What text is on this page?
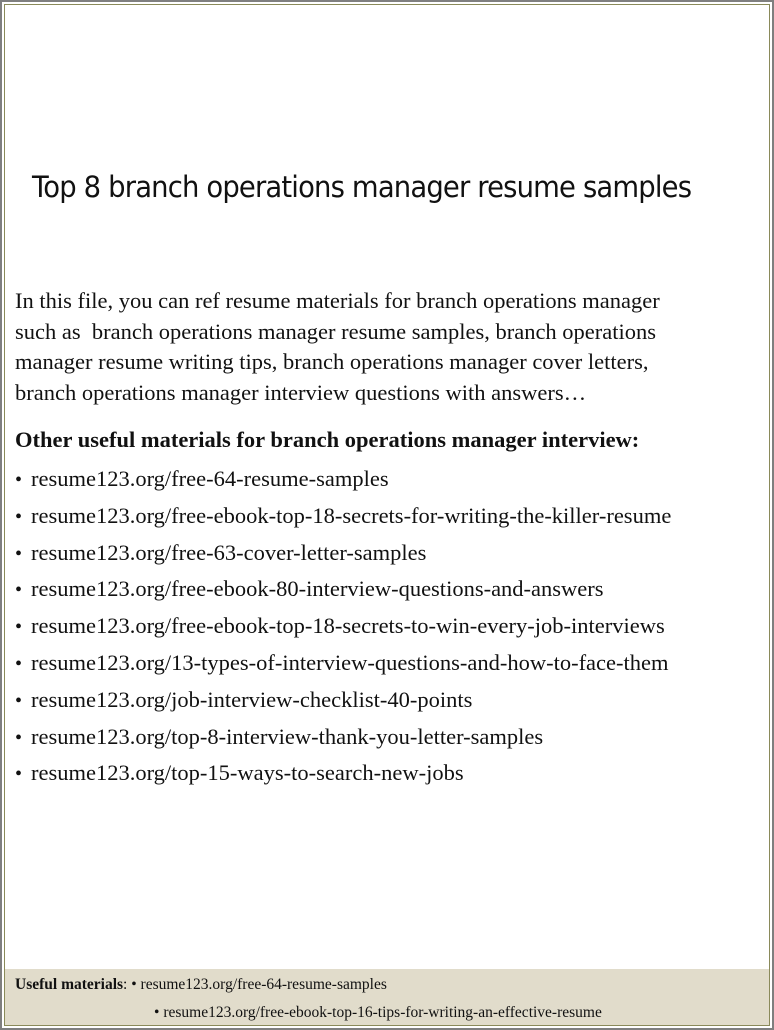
Top 8 branch operations manager resume samples
In this file, you can ref resume materials for branch operations manager
such as  branch operations manager resume samples, branch operations
manager resume writing tips, branch operations manager cover letters,
branch operations manager interview questions with answers…
Other useful materials for branch operations manager interview:
• resume123.org/free-64-resume-samples
• resume123.org/free-ebook-top-18-secrets-for-writing-the-killer-resume
• resume123.org/free-63-cover-letter-samples
• resume123.org/free-ebook-80-interview-questions-and-answers
• resume123.org/free-ebook-top-18-secrets-to-win-every-job-interviews
• resume123.org/13-types-of-interview-questions-and-how-to-face-them
• resume123.org/job-interview-checklist-40-points
• resume123.org/top-8-interview-thank-you-letter-samples
• resume123.org/top-15-ways-to-search-new-jobs
Useful materials: • resume123.org/free-64-resume-samples
• resume123.org/free-ebook-top-16-tips-for-writing-an-effective-resume
